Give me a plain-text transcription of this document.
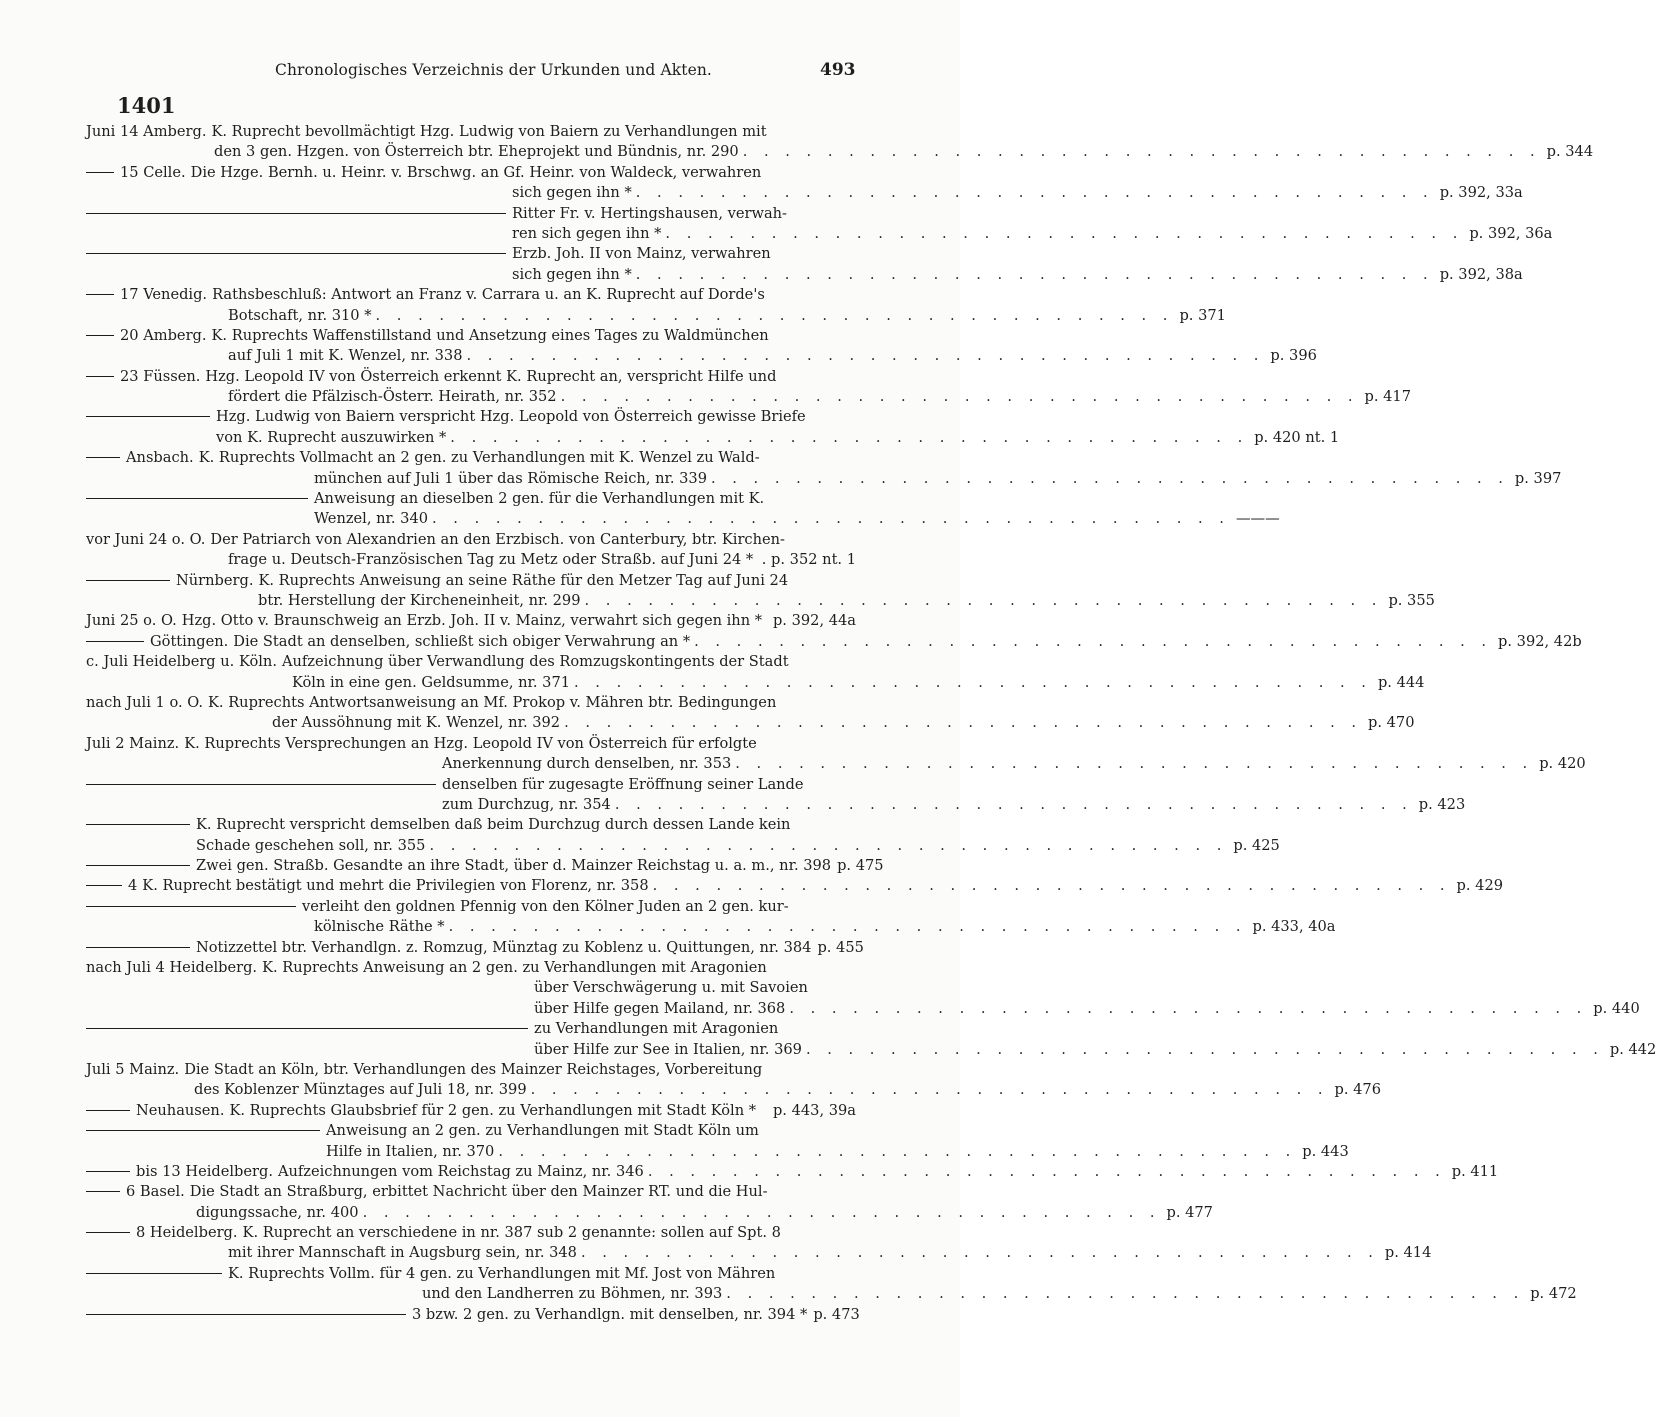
Chronologisches Verzeichnis der Urkunden und Akten.	493
1401
Juni 14 Amberg. K. Ruprecht bevollmächtigt Hzg. Ludwig von Baiern zu Verhandlungen mit
den 3 gen. Hzgen. von Österreich btr. Eheprojekt und Bündnis, nr. 290 . . . . . . . . . . . . . . . . . . . . . . . . . . . . . . . . . . . . . . p. 344
15 Celle. Die Hzge. Bernh. u. Heinr. v. Brschwg. an Gf. Heinr. von Waldeck, verwahren
sich gegen ihn * . . . . . . . . . . . . . . . . . . . . . . . . . . . . . . . . . . . . . . p. 392, 33a
Ritter Fr. v. Hertingshausen, verwah-
ren sich gegen ihn * . . . . . . . . . . . . . . . . . . . . . . . . . . . . . . . . . . . . . . p. 392, 36a
Erzb. Joh. II von Mainz, verwahren
sich gegen ihn * . . . . . . . . . . . . . . . . . . . . . . . . . . . . . . . . . . . . . . p. 392, 38a
17 Venedig. Rathsbeschluß: Antwort an Franz v. Carrara u. an K. Ruprecht auf Dorde's
Botschaft, nr. 310 * . . . . . . . . . . . . . . . . . . . . . . . . . . . . . . . . . . . . . . p. 371
20 Amberg. K. Ruprechts Waffenstillstand und Ansetzung eines Tages zu Waldmünchen
auf Juli 1 mit K. Wenzel, nr. 338 . . . . . . . . . . . . . . . . . . . . . . . . . . . . . . . . . . . . . . p. 396
23 Füssen. Hzg. Leopold IV von Österreich erkennt K. Ruprecht an, verspricht Hilfe und
fördert die Pfälzisch-Österr. Heirath, nr. 352 . . . . . . . . . . . . . . . . . . . . . . . . . . . . . . . . . . . . . . p. 417
Hzg. Ludwig von Baiern verspricht Hzg. Leopold von Österreich gewisse Briefe
von K. Ruprecht auszuwirken * . . . . . . . . . . . . . . . . . . . . . . . . . . . . . . . . . . . . . . p. 420 nt. 1
Ansbach. K. Ruprechts Vollmacht an 2 gen. zu Verhandlungen mit K. Wenzel zu Wald-
münchen auf Juli 1 über das Römische Reich, nr. 339 . . . . . . . . . . . . . . . . . . . . . . . . . . . . . . . . . . . . . . p. 397
Anweisung an dieselben 2 gen. für die Verhandlungen mit K.
Wenzel, nr. 340 . . . . . . . . . . . . . . . . . . . . . . . . . . . . . . . . . . . . . . ———
vor Juni 24 o. O. Der Patriarch von Alexandrien an den Erzbisch. von Canterbury, btr. Kirchen-
frage u. Deutsch-Französischen Tag zu Metz oder Straßb. auf Juni 24 * . p. 352 nt. 1
Nürnberg. K. Ruprechts Anweisung an seine Räthe für den Metzer Tag auf Juni 24
btr. Herstellung der Kircheneinheit, nr. 299 . . . . . . . . . . . . . . . . . . . . . . . . . . . . . . . . . . . . . . p. 355
Juni 25 o. O. Hzg. Otto v. Braunschweig an Erzb. Joh. II v. Mainz, verwahrt sich gegen ihn * p. 392, 44a
Göttingen. Die Stadt an denselben, schließt sich obiger Verwahrung an * . . . . . . . . . . . . . . . . . . . . . . . . . . . . . . . . . . . . . . p. 392, 42b
c. Juli Heidelberg u. Köln. Aufzeichnung über Verwandlung des Romzugskontingents der Stadt
Köln in eine gen. Geldsumme, nr. 371 . . . . . . . . . . . . . . . . . . . . . . . . . . . . . . . . . . . . . . p. 444
nach Juli 1 o. O. K. Ruprechts Antwortsanweisung an Mf. Prokop v. Mähren btr. Bedingungen
der Aussöhnung mit K. Wenzel, nr. 392 . . . . . . . . . . . . . . . . . . . . . . . . . . . . . . . . . . . . . . p. 470
Juli 2 Mainz. K. Ruprechts Versprechungen an Hzg. Leopold IV von Österreich für erfolgte
Anerkennung durch denselben, nr. 353 . . . . . . . . . . . . . . . . . . . . . . . . . . . . . . . . . . . . . . p. 420
denselben für zugesagte Eröffnung seiner Lande
zum Durchzug, nr. 354 . . . . . . . . . . . . . . . . . . . . . . . . . . . . . . . . . . . . . . p. 423
K. Ruprecht verspricht demselben daß beim Durchzug durch dessen Lande kein
Schade geschehen soll, nr. 355 . . . . . . . . . . . . . . . . . . . . . . . . . . . . . . . . . . . . . . p. 425
Zwei gen. Straßb. Gesandte an ihre Stadt, über d. Mainzer Reichstag u. a. m., nr. 398 p. 475
4 K. Ruprecht bestätigt und mehrt die Privilegien von Florenz, nr. 358 . . . . . . . . . . . . . . . . . . . . . . . . . . . . . . . . . . . . . . p. 429
verleiht den goldnen Pfennig von den Kölner Juden an 2 gen. kur-
kölnische Räthe * . . . . . . . . . . . . . . . . . . . . . . . . . . . . . . . . . . . . . . p. 433, 40a
Notizzettel btr. Verhandlgn. z. Romzug, Münztag zu Koblenz u. Quittungen, nr. 384 p. 455
nach Juli 4 Heidelberg. K. Ruprechts Anweisung an 2 gen. zu Verhandlungen mit Aragonien
über Verschwägerung u. mit Savoien
über Hilfe gegen Mailand, nr. 368 . . . . . . . . . . . . . . . . . . . . . . . . . . . . . . . . . . . . . . p. 440
zu Verhandlungen mit Aragonien
über Hilfe zur See in Italien, nr. 369 . . . . . . . . . . . . . . . . . . . . . . . . . . . . . . . . . . . . . . p. 442
Juli 5 Mainz. Die Stadt an Köln, btr. Verhandlungen des Mainzer Reichstages, Vorbereitung
des Koblenzer Münztages auf Juli 18, nr. 399 . . . . . . . . . . . . . . . . . . . . . . . . . . . . . . . . . . . . . . p. 476
Neuhausen. K. Ruprechts Glaubsbrief für 2 gen. zu Verhandlungen mit Stadt Köln * p. 443, 39a
Anweisung an 2 gen. zu Verhandlungen mit Stadt Köln um
Hilfe in Italien, nr. 370 . . . . . . . . . . . . . . . . . . . . . . . . . . . . . . . . . . . . . . p. 443
bis 13 Heidelberg. Aufzeichnungen vom Reichstag zu Mainz, nr. 346 . . . . . . . . . . . . . . . . . . . . . . . . . . . . . . . . . . . . . . p. 411
6 Basel. Die Stadt an Straßburg, erbittet Nachricht über den Mainzer RT. und die Hul-
digungssache, nr. 400 . . . . . . . . . . . . . . . . . . . . . . . . . . . . . . . . . . . . . . p. 477
8 Heidelberg. K. Ruprecht an verschiedene in nr. 387 sub 2 genannte: sollen auf Spt. 8
mit ihrer Mannschaft in Augsburg sein, nr. 348 . . . . . . . . . . . . . . . . . . . . . . . . . . . . . . . . . . . . . . p. 414
K. Ruprechts Vollm. für 4 gen. zu Verhandlungen mit Mf. Jost von Mähren
und den Landherren zu Böhmen, nr. 393 . . . . . . . . . . . . . . . . . . . . . . . . . . . . . . . . . . . . . . p. 472
3 bzw. 2 gen. zu Verhandlgn. mit denselben, nr. 394 * p. 473
